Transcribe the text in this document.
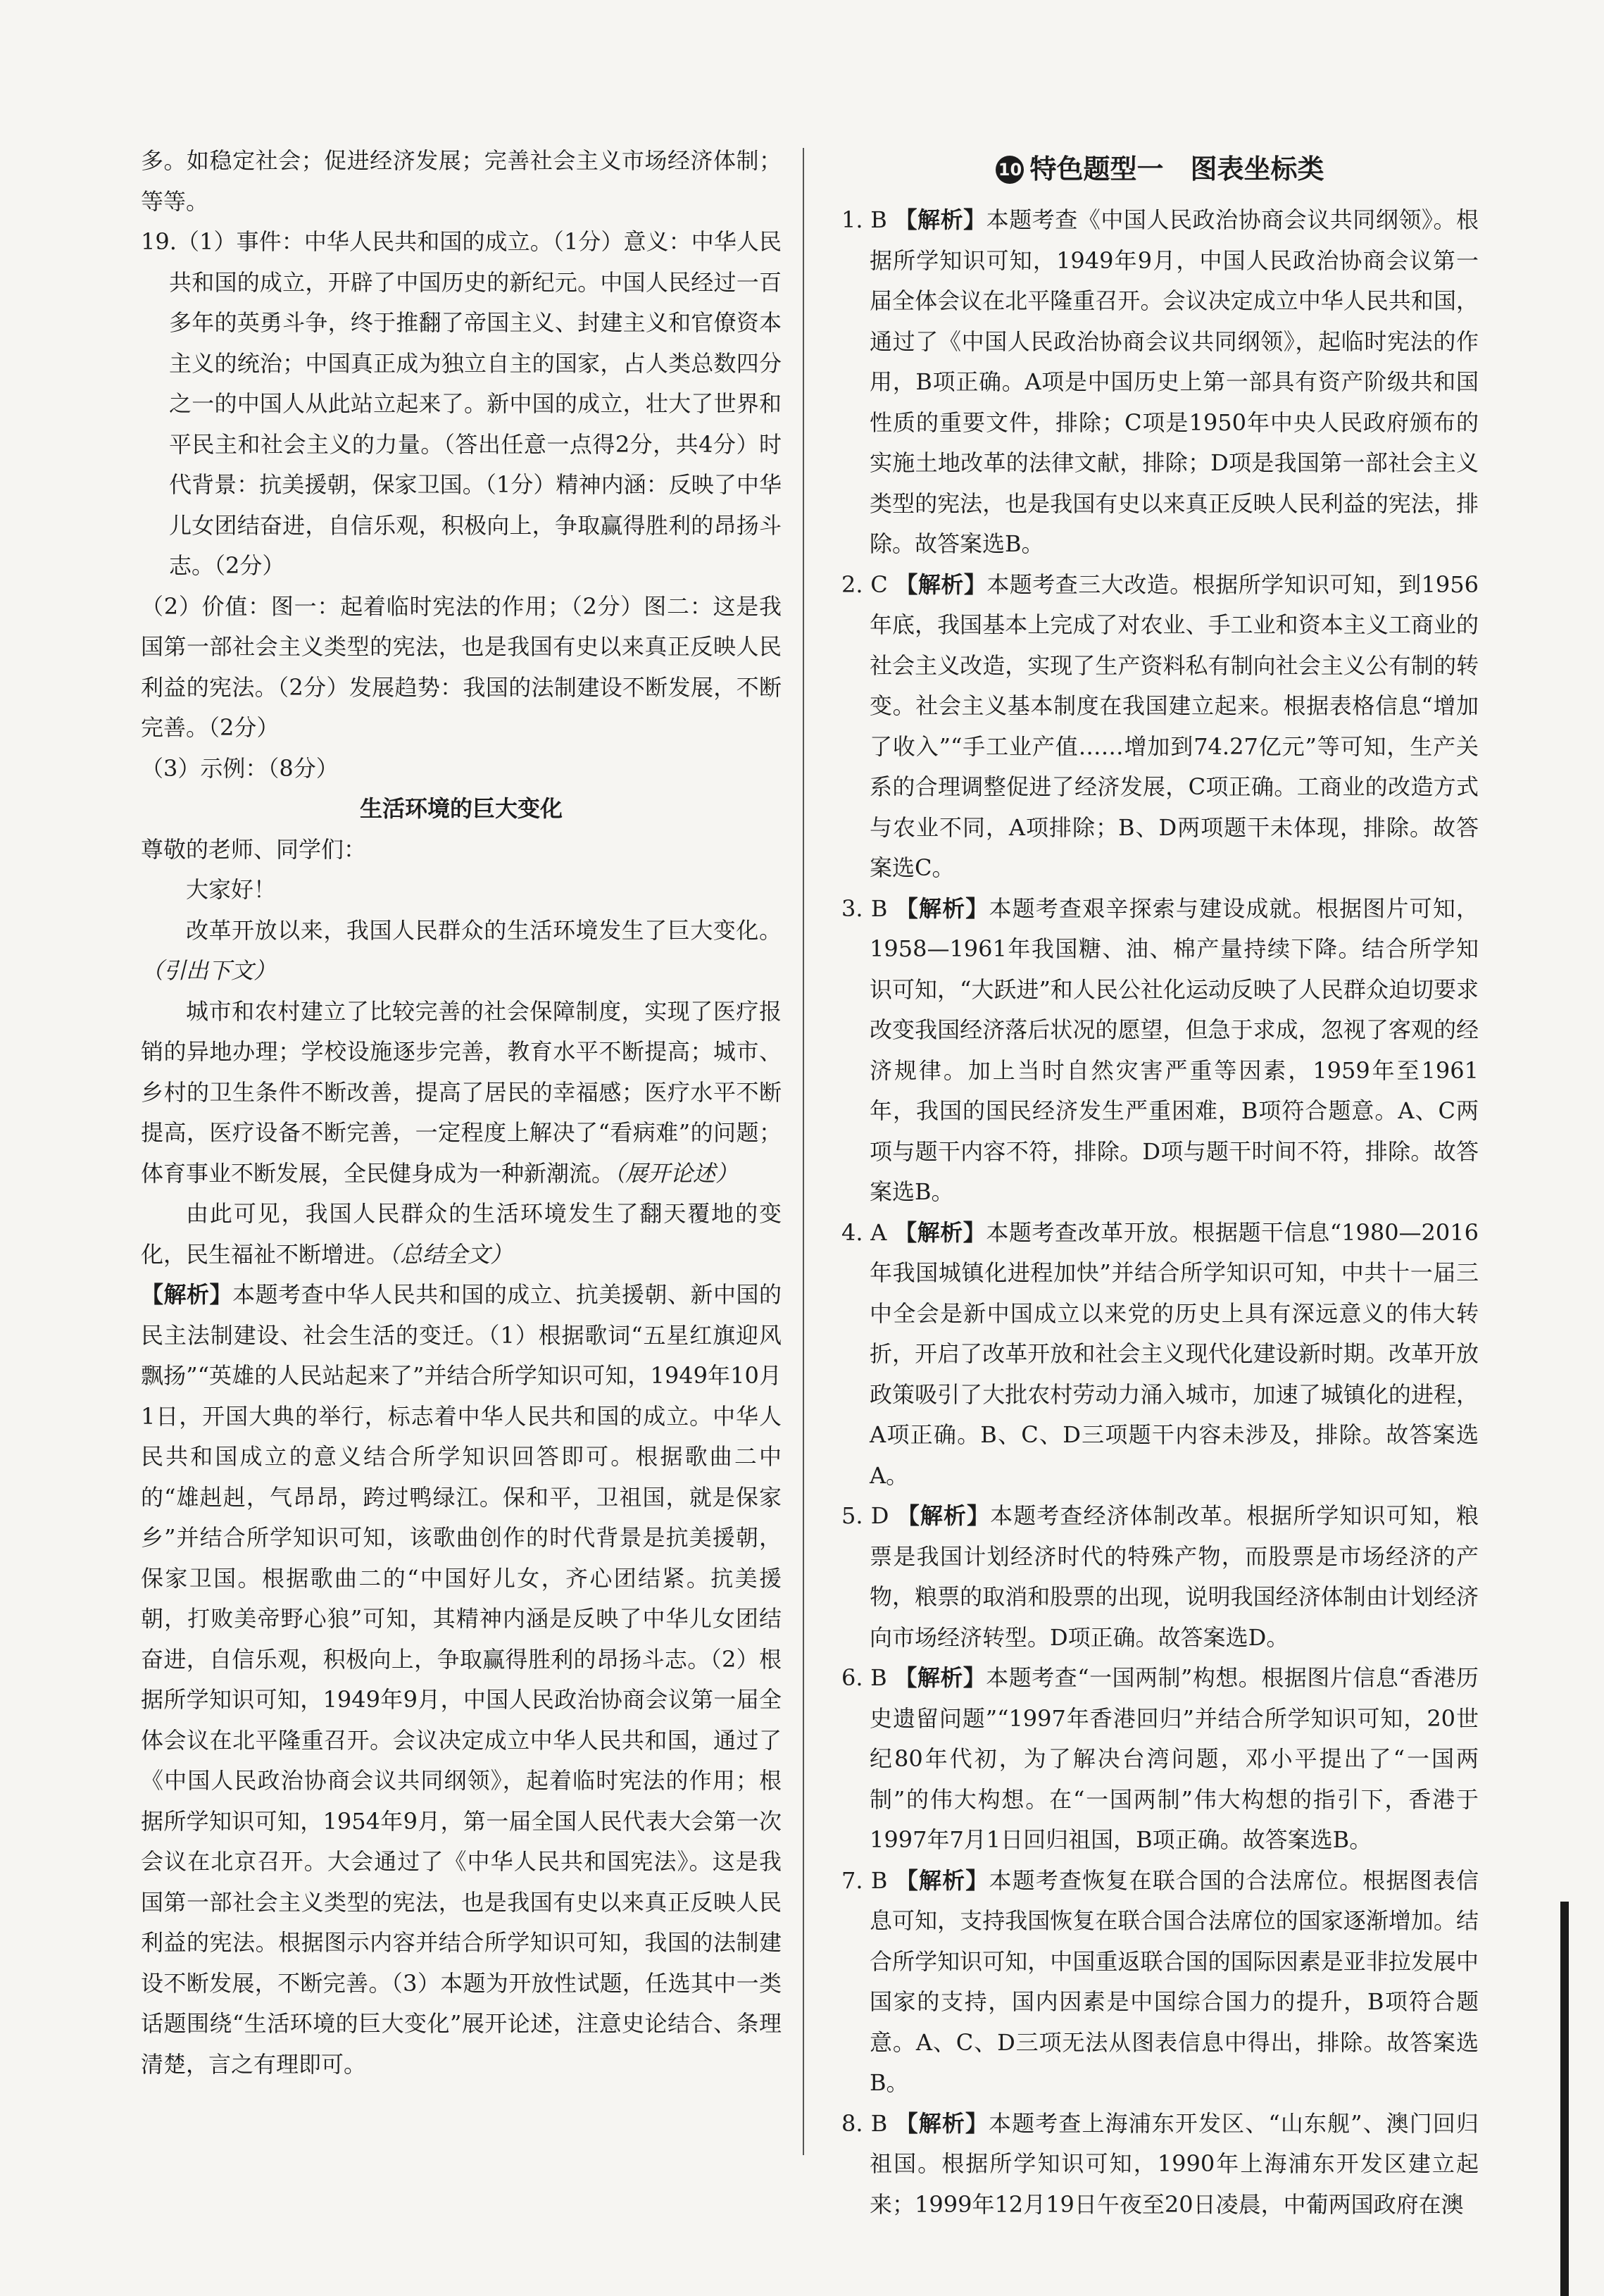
多。如稳定社会；促进经济发展；完善社会主义市场经济体制；等等。

19.（1）事件：中华人民共和国的成立。（1分）意义：中华人民共和国的成立，开辟了中国历史的新纪元。中国人民经过一百多年的英勇斗争，终于推翻了帝国主义、封建主义和官僚资本主义的统治；中国真正成为独立自主的国家，占人类总数四分之一的中国人从此站立起来了。新中国的成立，壮大了世界和平民主和社会主义的力量。（答出任意一点得2分，共4分）时代背景：抗美援朝，保家卫国。（1分）精神内涵：反映了中华儿女团结奋进，自信乐观，积极向上，争取赢得胜利的昂扬斗志。（2分）

（2）价值：图一：起着临时宪法的作用；（2分）图二：这是我国第一部社会主义类型的宪法，也是我国有史以来真正反映人民利益的宪法。（2分）发展趋势：我国的法制建设不断发展，不断完善。（2分）

（3）示例：（8分）

生活环境的巨大变化

尊敬的老师、同学们：

大家好！

改革开放以来，我国人民群众的生活环境发生了巨大变化。（引出下文）

城市和农村建立了比较完善的社会保障制度，实现了医疗报销的异地办理；学校设施逐步完善，教育水平不断提高；城市、乡村的卫生条件不断改善，提高了居民的幸福感；医疗水平不断提高，医疗设备不断完善，一定程度上解决了“看病难”的问题；体育事业不断发展，全民健身成为一种新潮流。（展开论述）

由此可见，我国人民群众的生活环境发生了翻天覆地的变化，民生福祉不断增进。（总结全文）

【解析】本题考查中华人民共和国的成立、抗美援朝、新中国的民主法制建设、社会生活的变迁。（1）根据歌词“五星红旗迎风飘扬”“英雄的人民站起来了”并结合所学知识可知，1949年10月1日，开国大典的举行，标志着中华人民共和国的成立。中华人民共和国成立的意义结合所学知识回答即可。根据歌曲二中的“雄赳赳，气昂昂，跨过鸭绿江。保和平，卫祖国，就是保家乡”并结合所学知识可知，该歌曲创作的时代背景是抗美援朝，保家卫国。根据歌曲二的“中国好儿女，齐心团结紧。抗美援朝，打败美帝野心狼”可知，其精神内涵是反映了中华儿女团结奋进，自信乐观，积极向上，争取赢得胜利的昂扬斗志。（2）根据所学知识可知，1949年9月，中国人民政治协商会议第一届全体会议在北平隆重召开。会议决定成立中华人民共和国，通过了《中国人民政治协商会议共同纲领》，起着临时宪法的作用；根据所学知识可知，1954年9月，第一届全国人民代表大会第一次会议在北京召开。大会通过了《中华人民共和国宪法》。这是我国第一部社会主义类型的宪法，也是我国有史以来真正反映人民利益的宪法。根据图示内容并结合所学知识可知，我国的法制建设不断发展，不断完善。（3）本题为开放性试题，任选其中一类话题围绕“生活环境的巨大变化”展开论述，注意史论结合、条理清楚，言之有理即可。

10 特色题型一　图表坐标类

1. B 【解析】本题考查《中国人民政治协商会议共同纲领》。根据所学知识可知，1949年9月，中国人民政治协商会议第一届全体会议在北平隆重召开。会议决定成立中华人民共和国，通过了《中国人民政治协商会议共同纲领》，起临时宪法的作用，B项正确。A项是中国历史上第一部具有资产阶级共和国性质的重要文件，排除；C项是1950年中央人民政府颁布的实施土地改革的法律文献，排除；D项是我国第一部社会主义类型的宪法，也是我国有史以来真正反映人民利益的宪法，排除。故答案选B。

2. C 【解析】本题考查三大改造。根据所学知识可知，到1956年底，我国基本上完成了对农业、手工业和资本主义工商业的社会主义改造，实现了生产资料私有制向社会主义公有制的转变。社会主义基本制度在我国建立起来。根据表格信息“增加了收入”“手工业产值……增加到74.27亿元”等可知，生产关系的合理调整促进了经济发展，C项正确。工商业的改造方式与农业不同，A项排除；B、D两项题干未体现，排除。故答案选C。

3. B 【解析】本题考查艰辛探索与建设成就。根据图片可知，1958—1961年我国糖、油、棉产量持续下降。结合所学知识可知，“大跃进”和人民公社化运动反映了人民群众迫切要求改变我国经济落后状况的愿望，但急于求成，忽视了客观的经济规律。加上当时自然灾害严重等因素，1959年至1961年，我国的国民经济发生严重困难，B项符合题意。A、C两项与题干内容不符，排除。D项与题干时间不符，排除。故答案选B。

4. A 【解析】本题考查改革开放。根据题干信息“1980—2016年我国城镇化进程加快”并结合所学知识可知，中共十一届三中全会是新中国成立以来党的历史上具有深远意义的伟大转折，开启了改革开放和社会主义现代化建设新时期。改革开放政策吸引了大批农村劳动力涌入城市，加速了城镇化的进程，A项正确。B、C、D三项题干内容未涉及，排除。故答案选A。

5. D 【解析】本题考查经济体制改革。根据所学知识可知，粮票是我国计划经济时代的特殊产物，而股票是市场经济的产物，粮票的取消和股票的出现，说明我国经济体制由计划经济向市场经济转型。D项正确。故答案选D。

6. B 【解析】本题考查“一国两制”构想。根据图片信息“香港历史遗留问题”“1997年香港回归”并结合所学知识可知，20世纪80年代初，为了解决台湾问题，邓小平提出了“一国两制”的伟大构想。在“一国两制”伟大构想的指引下，香港于1997年7月1日回归祖国，B项正确。故答案选B。

7. B 【解析】本题考查恢复在联合国的合法席位。根据图表信息可知，支持我国恢复在联合国合法席位的国家逐渐增加。结合所学知识可知，中国重返联合国的国际因素是亚非拉发展中国家的支持，国内因素是中国综合国力的提升，B项符合题意。A、C、D三项无法从图表信息中得出，排除。故答案选B。

8. B 【解析】本题考查上海浦东开发区、“山东舰”、澳门回归祖国。根据所学知识可知，1990年上海浦东开发区建立起来；1999年12月19日午夜至20日凌晨，中葡两国政府在澳
